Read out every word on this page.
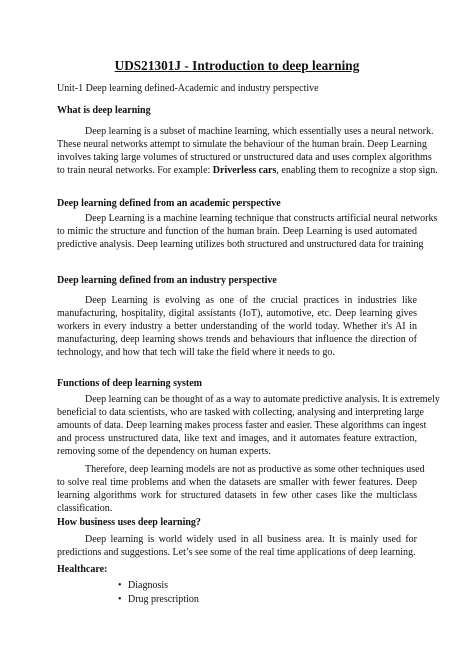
UDS21301J - Introduction to deep learning
Unit-1 Deep learning defined-Academic and industry perspective
What is deep learning
Deep learning is a subset of machine learning, which essentially uses a neural network.
These neural networks attempt to simulate the behaviour of the human brain. Deep Learning
involves taking large volumes of structured or unstructured data and uses complex algorithms
to train neural networks. For example: Driverless cars, enabling them to recognize a stop sign.
Deep learning defined from an academic perspective
Deep Learning is a machine learning technique that constructs artificial neural networks
to mimic the structure and function of the human brain. Deep Learning is used automated
predictive analysis. Deep learning utilizes both structured and unstructured data for training
Deep learning defined from an industry perspective
Deep Learning is evolving as one of the crucial practices in industries like
manufacturing, hospitality, digital assistants (IoT), automotive, etc. Deep learning gives
workers in every industry a better understanding of the world today. Whether it's AI in
manufacturing, deep learning shows trends and behaviours that influence the direction of
technology, and how that tech will take the field where it needs to go.
Functions of deep learning system
Deep learning can be thought of as a way to automate predictive analysis. It is extremely
beneficial to data scientists, who are tasked with collecting, analysing and interpreting large
amounts of data. Deep learning makes process faster and easier. These algorithms can ingest
and process unstructured data, like text and images, and it automates feature extraction,
removing some of the dependency on human experts.
Therefore, deep learning models are not as productive as some other techniques used
to solve real time problems and when the datasets are smaller with fewer features. Deep
learning algorithms work for structured datasets in few other cases like the multiclass
classification.
How business uses deep learning?
Deep learning is world widely used in all business area. It is mainly used for
predictions and suggestions. Let’s see some of the real time applications of deep learning.
Healthcare:
• Diagnosis
• Drug prescription
